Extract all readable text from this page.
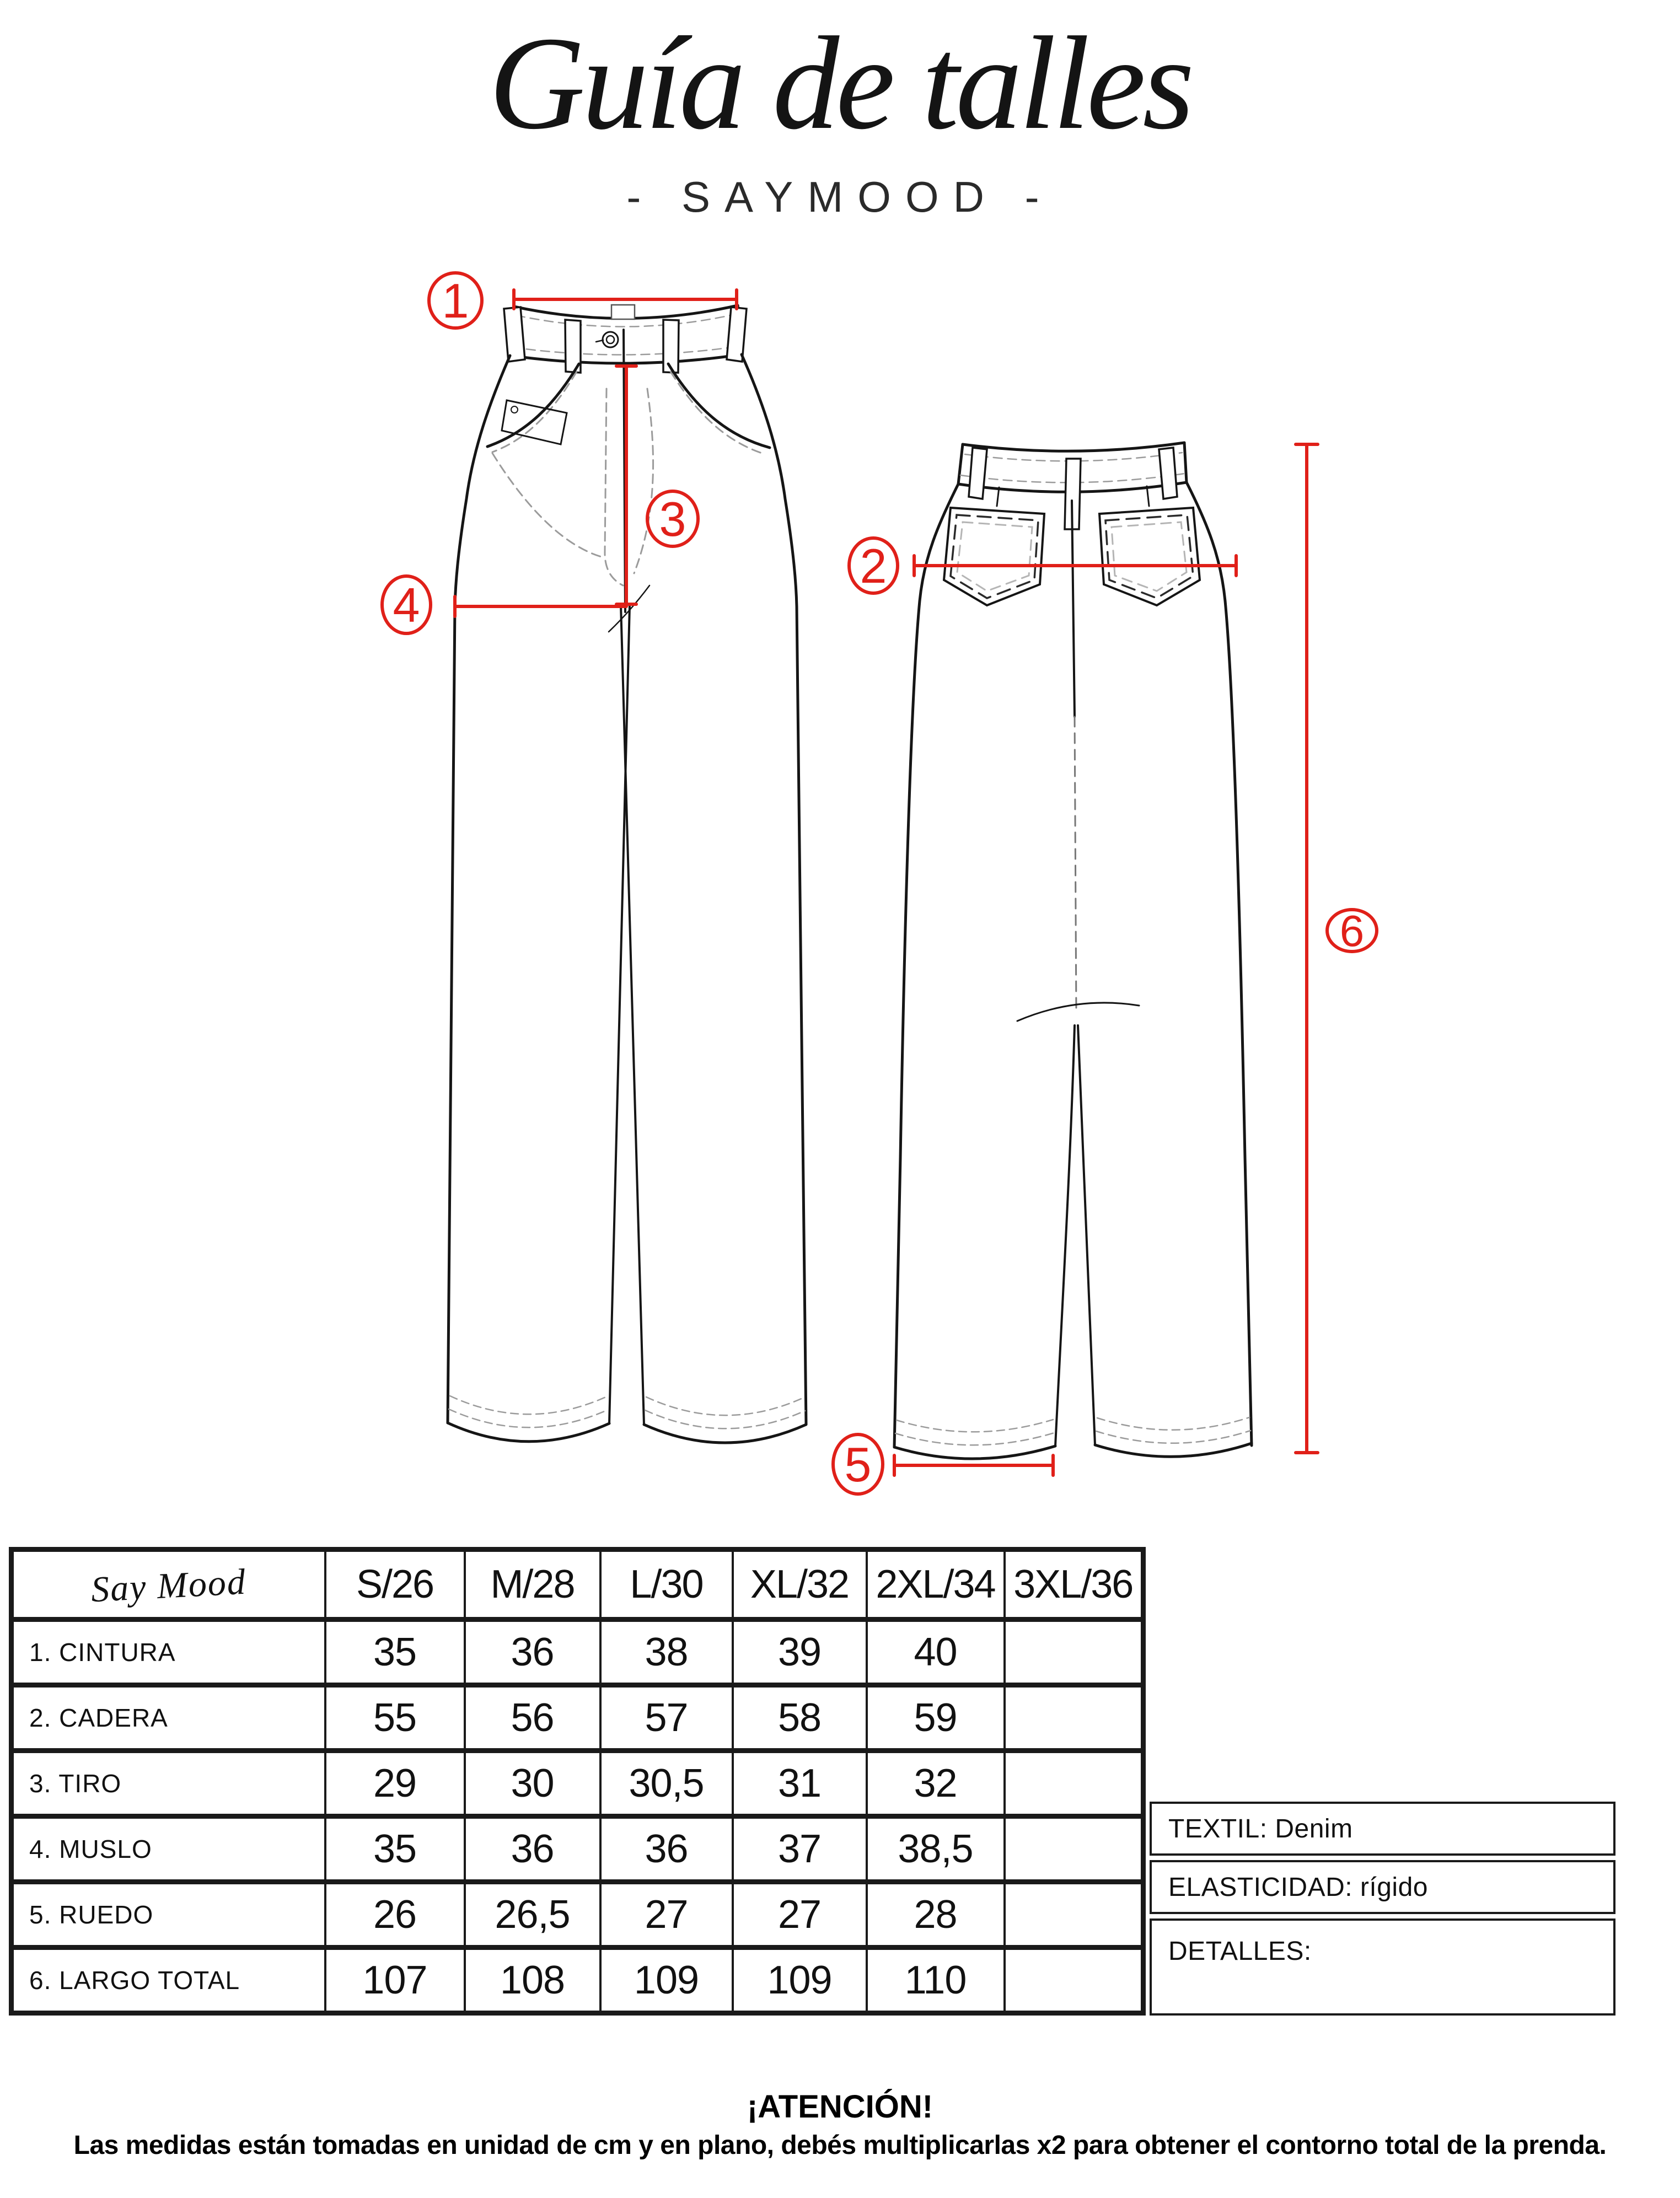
Guía de talles
- SAYMOOD -
1
3
4
2
5
6
Say Mood	S/26	M/28	L/30	XL/32	2XL/34	3XL/36
1. CINTURA	35	36	38	39	40	
2. CADERA	55	56	57	58	59	
3. TIRO	29	30	30,5	31	32	
4. MUSLO	35	36	36	37	38,5	
5. RUEDO	26	26,5	27	27	28	
6. LARGO TOTAL	107	108	109	109	110	
TEXTIL: Denim
ELASTICIDAD: rígido
DETALLES:
¡ATENCIÓN!
Las medidas están tomadas en unidad de cm y en plano, debés multiplicarlas x2 para obtener el contorno total de la prenda.
